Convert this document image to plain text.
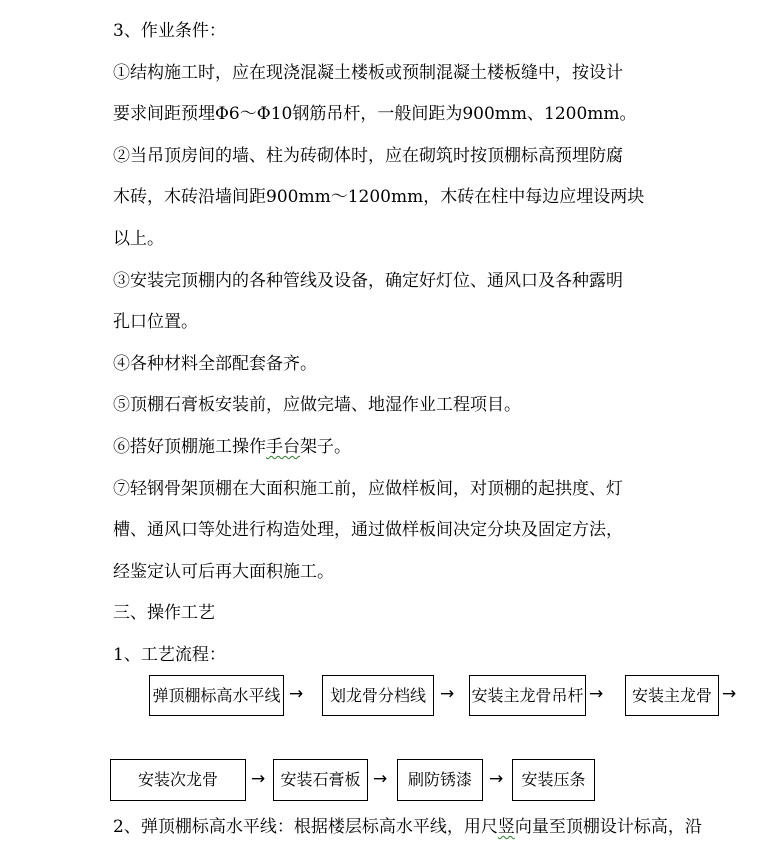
3、作业条件：
①结构施工时，应在现浇混凝土楼板或预制混凝土楼板缝中，按设计
要求间距预埋Φ6～Φ10钢筋吊杆，一般间距为900mm、1200mm。
②当吊顶房间的墙、柱为砖砌体时，应在砌筑时按顶棚标高预埋防腐
木砖，木砖沿墙间距900mm～1200mm，木砖在柱中每边应埋设两块
以上。
③安装完顶棚内的各种管线及设备，确定好灯位、通风口及各种露明
孔口位置。
④各种材料全部配套备齐。
⑤顶棚石膏板安装前，应做完墙、地湿作业工程项目。
⑥搭好顶棚施工操作手台架子。
⑦轻钢骨架顶棚在大面积施工前，应做样板间，对顶棚的起拱度、灯
槽、通风口等处进行构造处理，通过做样板间决定分块及固定方法，
经鉴定认可后再大面积施工。
三、操作工艺
1、工艺流程：
弹顶棚标高水平线 →	划龙骨分档线 → 安装主龙骨吊杆 →	安装主龙骨 →
安装次龙骨	→ 安装石膏板 →	刷防锈漆	→	安装压条
2、弹顶棚标高水平线：根据楼层标高水平线，用尺竖向量至顶棚设计标高，沿
